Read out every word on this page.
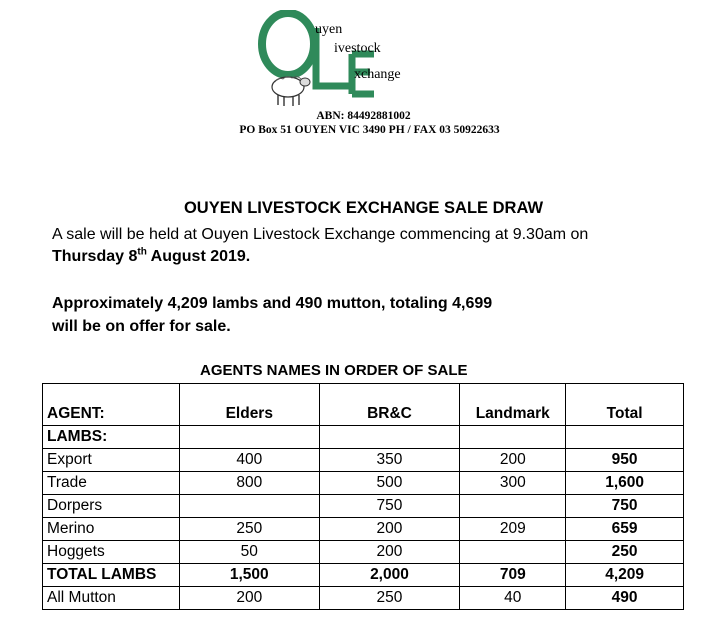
uyen
ivestock
xchange
ABN: 84492881002
PO Box 51 OUYEN VIC 3490 PH / FAX 03 50922633
OUYEN LIVESTOCK EXCHANGE SALE DRAW
A sale will be held at Ouyen Livestock Exchange commencing at 9.30am on
Thursday 8th August 2019.
Approximately 4,209 lambs and 490 mutton, totaling 4,699
will be on offer for sale.
AGENTS NAMES IN ORDER OF SALE
AGENT:	Elders	BR&C	Landmark	Total
LAMBS:				
Export	400	350	200	950
Trade	800	500	300	1,600
Dorpers		750		750
Merino	250	200	209	659
Hoggets	50	200		250
TOTAL LAMBS	1,500	2,000	709	4,209
All Mutton	200	250	40	490
